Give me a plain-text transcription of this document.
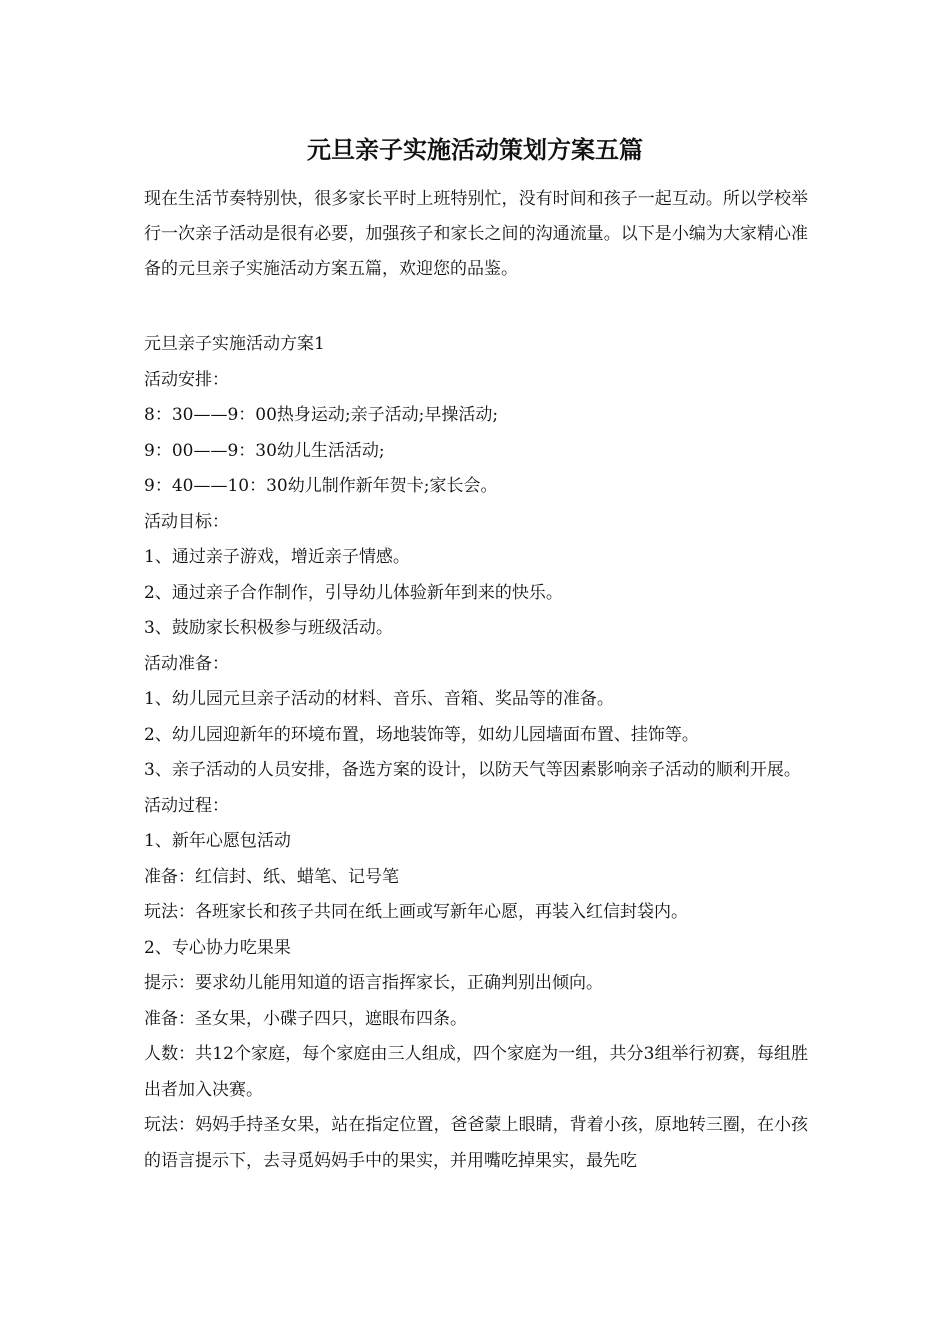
元旦亲子实施活动策划方案五篇

现在生活节奏特别快，很多家长平时上班特别忙，没有时间和孩子一起互动。所以学校举行一次亲子活动是很有必要，加强孩子和家长之间的沟通流量。以下是小编为大家精心准备的元旦亲子实施活动方案五篇，欢迎您的品鉴。

元旦亲子实施活动方案1
活动安排：
8：30——9：00热身运动;亲子活动;早操活动;
9：00——9：30幼儿生活活动;
9：40——10：30幼儿制作新年贺卡;家长会。
活动目标：
1、通过亲子游戏，增近亲子情感。
2、通过亲子合作制作，引导幼儿体验新年到来的快乐。
3、鼓励家长积极参与班级活动。
活动准备：
1、幼儿园元旦亲子活动的材料、音乐、音箱、奖品等的准备。
2、幼儿园迎新年的环境布置，场地装饰等，如幼儿园墙面布置、挂饰等。
3、亲子活动的人员安排，备选方案的设计，以防天气等因素影响亲子活动的顺利开展。
活动过程：
1、新年心愿包活动
准备：红信封、纸、蜡笔、记号笔
玩法：各班家长和孩子共同在纸上画或写新年心愿，再装入红信封袋内。
2、专心协力吃果果
提示：要求幼儿能用知道的语言指挥家长，正确判别出倾向。
准备：圣女果，小碟子四只，遮眼布四条。
人数：共12个家庭，每个家庭由三人组成，四个家庭为一组，共分3组举行初赛，每组胜出者加入决赛。
玩法：妈妈手持圣女果，站在指定位置，爸爸蒙上眼睛，背着小孩，原地转三圈，在小孩的语言提示下，去寻觅妈妈手中的果实，并用嘴吃掉果实，最先吃
